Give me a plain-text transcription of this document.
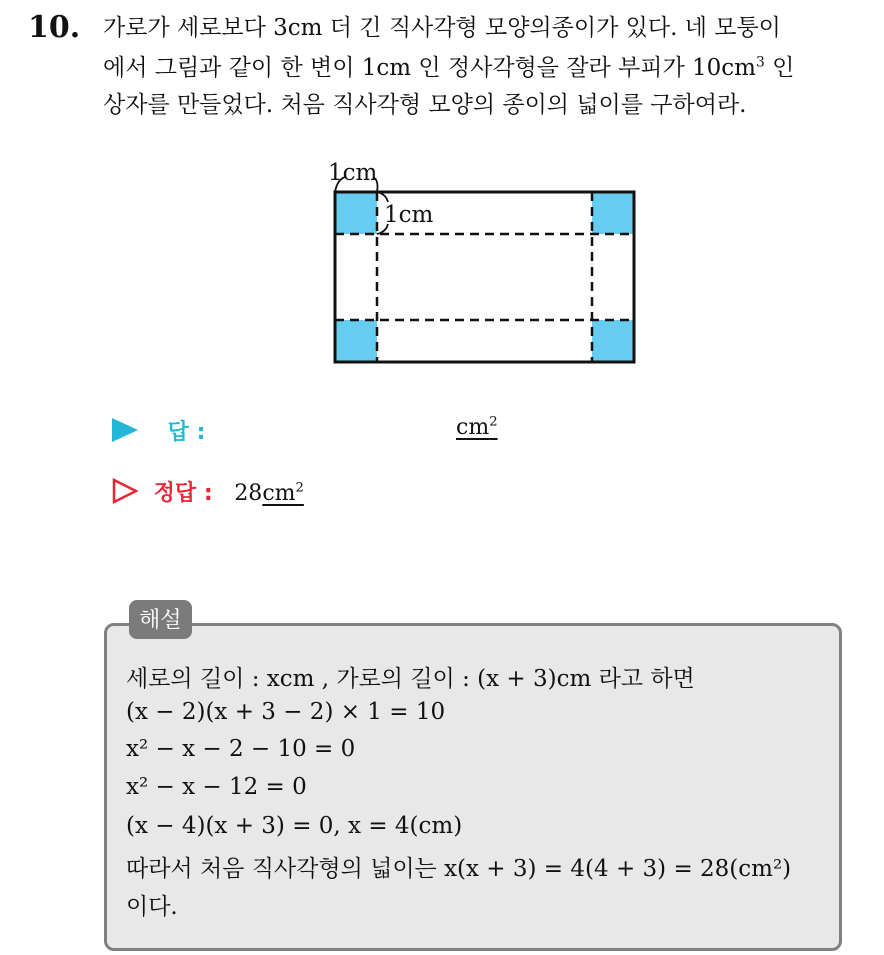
10. 가로가 세로보다 3cm 더 긴 직사각형 모양의종이가 있다. 네 모퉁이
에서 그림과 같이 한 변이 1cm 인 정사각형을 잘라 부피가 $10cm^3$ 인
상자를 만들었다. 처음 직사각형 모양의 종이의 넓이를 구하여라.
1cm
1cm
답 :	$cm^2$
정답 : $28cm^2$
해설
세로의 길이 : xcm , 가로의 길이 : (x + 3)cm 라고 하면
(x − 2)(x + 3 − 2) × 1 = 10
x² − x − 2 − 10 = 0
x² − x − 12 = 0
(x − 4)(x + 3) = 0, x = 4(cm)
따라서 처음 직사각형의 넓이는 x(x + 3) = 4(4 + 3) = 28(cm²)
이다.
